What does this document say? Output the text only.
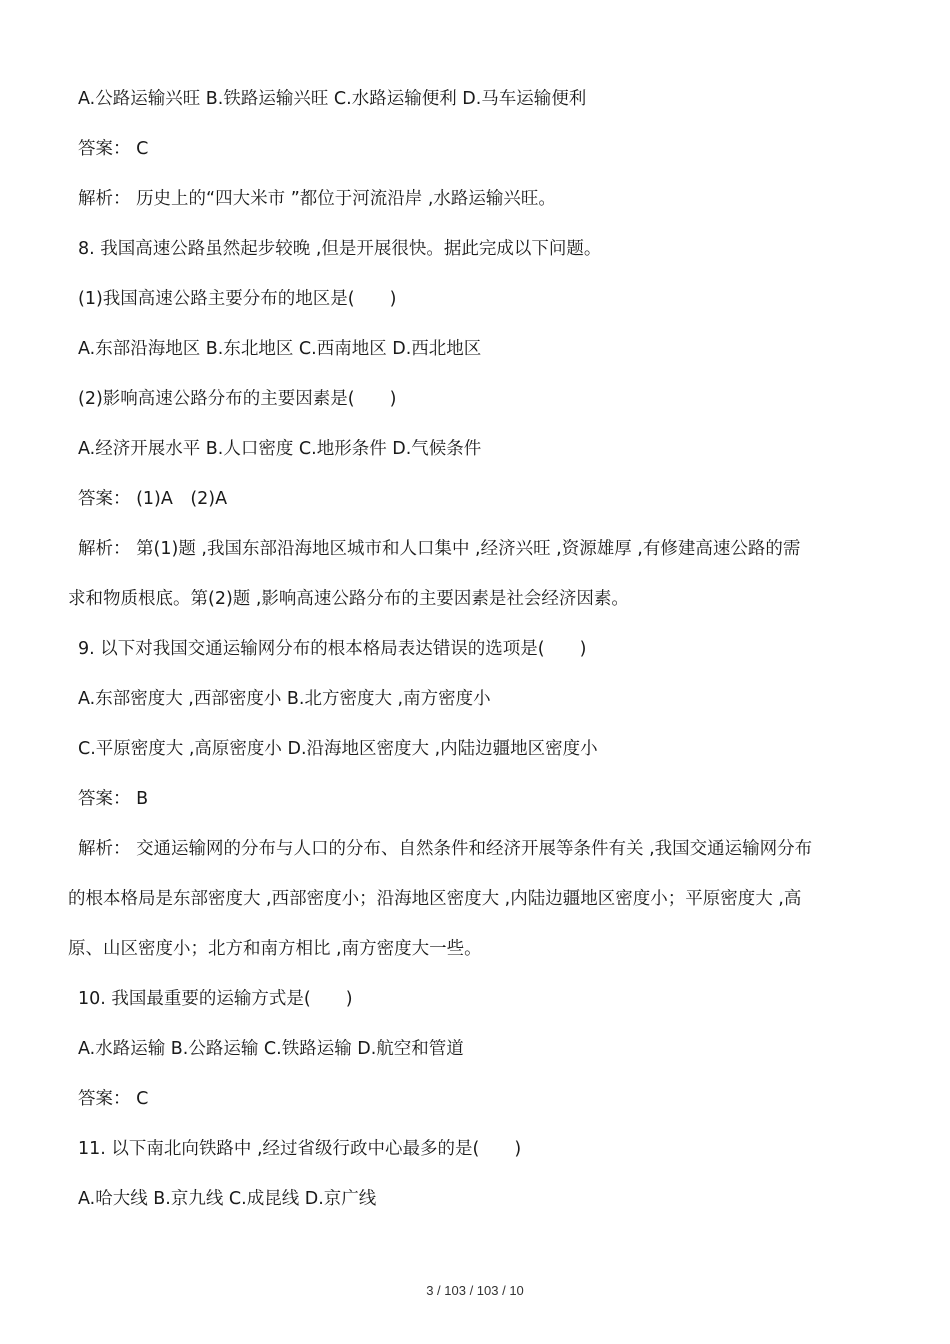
A.公路运输兴旺 B.铁路运输兴旺 C.水路运输便利 D.马车运输便利
答案： C
解析： 历史上的“四大米市 ”都位于河流沿岸 ,水路运输兴旺。
8. 我国高速公路虽然起步较晚 ,但是开展很快。据此完成以下问题。
(1)我国高速公路主要分布的地区是(　　)
A.东部沿海地区 B.东北地区 C.西南地区 D.西北地区
(2)影响高速公路分布的主要因素是(　　)
A.经济开展水平 B.人口密度 C.地形条件 D.气候条件
答案： (1)A　(2)A
解析： 第(1)题 ,我国东部沿海地区城市和人口集中 ,经济兴旺 ,资源雄厚 ,有修建高速公路的需
求和物质根底。第(2)题 ,影响高速公路分布的主要因素是社会经济因素。
9. 以下对我国交通运输网分布的根本格局表达错误的选项是(　　)
A.东部密度大 ,西部密度小 B.北方密度大 ,南方密度小
C.平原密度大 ,高原密度小 D.沿海地区密度大 ,内陆边疆地区密度小
答案： B
解析： 交通运输网的分布与人口的分布、自然条件和经济开展等条件有关 ,我国交通运输网分布
的根本格局是东部密度大 ,西部密度小；沿海地区密度大 ,内陆边疆地区密度小；平原密度大 ,高
原、山区密度小；北方和南方相比 ,南方密度大一些。
10. 我国最重要的运输方式是(　　)
A.水路运输 B.公路运输 C.铁路运输 D.航空和管道
答案： C
11. 以下南北向铁路中 ,经过省级行政中心最多的是(　　)
A.哈大线 B.京九线 C.成昆线 D.京广线
3 / 103 / 103 / 10
